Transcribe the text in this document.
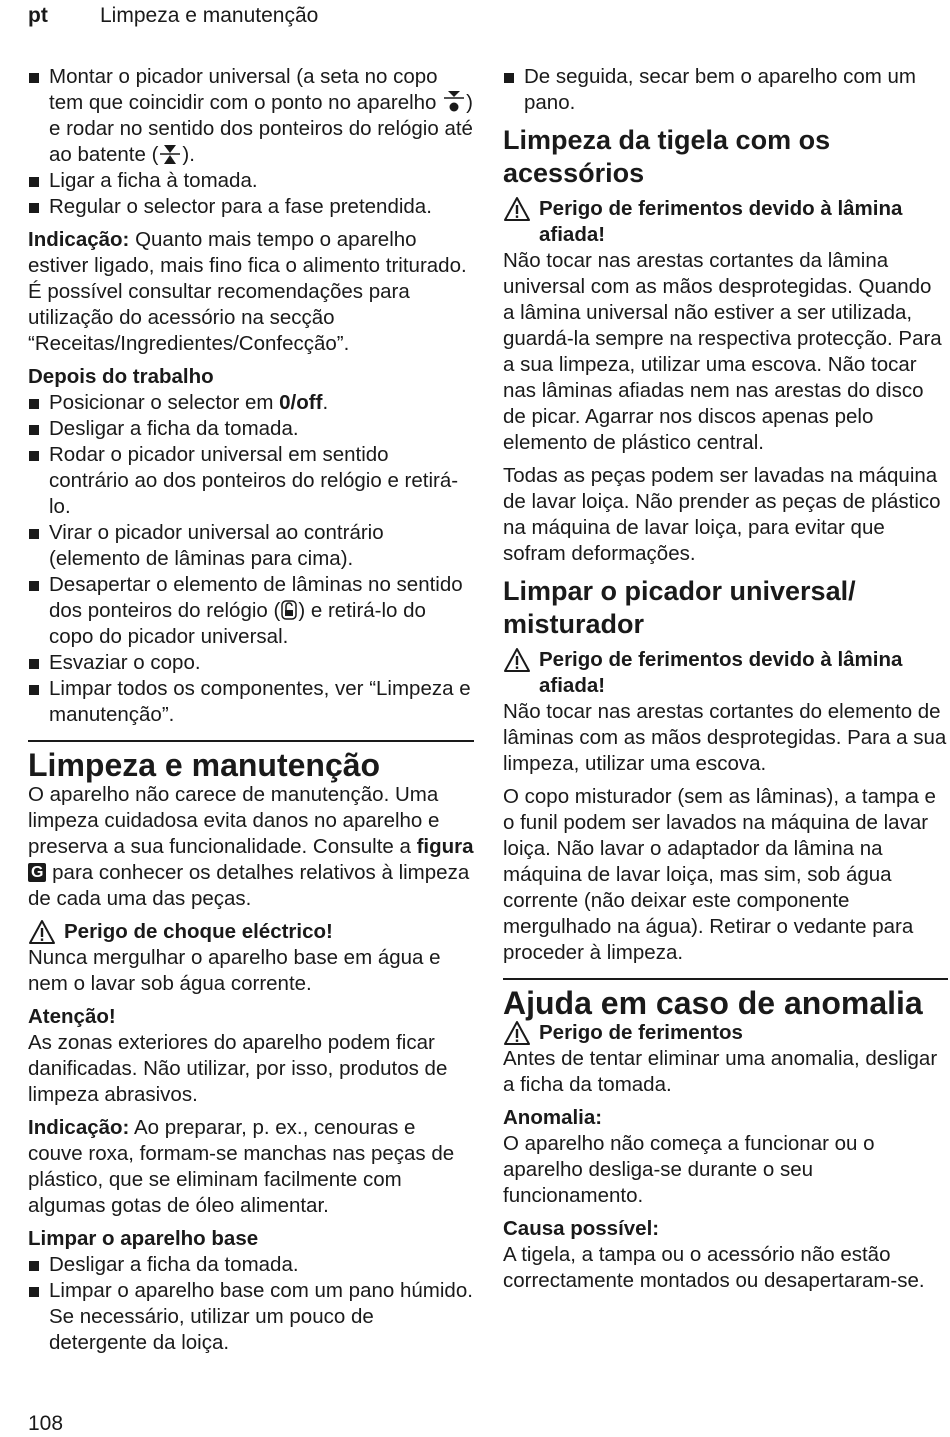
pt Limpeza e manutenção

Montar o picador universal (a seta no copo tem que coincidir com o ponto no aparelho ) e rodar no sentido dos ponteiros do relógio até ao batente ( ).

Ligar a ficha à tomada.

Regular o selector para a fase pretendida.

Indicação: Quanto mais tempo o aparelho estiver ligado, mais fino fica o alimento triturado. É possível consultar recomendações para utilização do acessório na secção “Receitas/Ingredientes/Confecção”.

Depois do trabalho

Posicionar o selector em 0/off.

Desligar a ficha da tomada.

Rodar o picador universal em sentido contrário ao dos ponteiros do relógio e retirá-lo.

Virar o picador universal ao contrário (elemento de lâminas para cima).

Desapertar o elemento de lâminas no sentido dos ponteiros do relógio ( ) e retirá-lo do copo do picador universal.

Esvaziar o copo.

Limpar todos os componentes, ver “Limpeza e manutenção”.

Limpeza e manutenção

O aparelho não carece de manutenção. Uma limpeza cuidadosa evita danos no aparelho e preserva a sua funcionalidade. Consulte a figura G para conhecer os detalhes relativos à limpeza de cada uma das peças.

Perigo de choque eléctrico!

Nunca mergulhar o aparelho base em água e nem o lavar sob água corrente.

Atenção!

As zonas exteriores do aparelho podem ficar danificadas. Não utilizar, por isso, produtos de limpeza abrasivos.

Indicação: Ao preparar, p. ex., cenouras e couve roxa, formam-se manchas nas peças de plástico, que se eliminam facilmente com algumas gotas de óleo alimentar.

Limpar o aparelho base

Desligar a ficha da tomada.

Limpar o aparelho base com um pano húmido. Se necessário, utilizar um pouco de detergente da loiça.

De seguida, secar bem o aparelho com um pano.

Limpeza da tigela com os acessórios

Perigo de ferimentos devido à lâmina afiada!

Não tocar nas arestas cortantes da lâmina universal com as mãos desprotegidas. Quando a lâmina universal não estiver a ser utilizada, guardá-la sempre na respectiva protecção. Para a sua limpeza, utilizar uma escova. Não tocar nas lâminas afiadas nem nas arestas do disco de picar. Agarrar nos discos apenas pelo elemento de plástico central.

Todas as peças podem ser lavadas na máquina de lavar loiça. Não prender as peças de plástico na máquina de lavar loiça, para evitar que sofram deformações.

Limpar o picador universal/ misturador

Perigo de ferimentos devido à lâmina afiada!

Não tocar nas arestas cortantes do elemento de lâminas com as mãos desprotegidas. Para a sua limpeza, utilizar uma escova.

O copo misturador (sem as lâminas), a tampa e o funil podem ser lavados na máquina de lavar loiça. Não lavar o adaptador da lâmina na máquina de lavar loiça, mas sim, sob água corrente (não deixar este componente mergulhado na água). Retirar o vedante para proceder à limpeza.

Ajuda em caso de anomalia

Perigo de ferimentos

Antes de tentar eliminar uma anomalia, desligar a ficha da tomada.

Anomalia:

O aparelho não começa a funcionar ou o aparelho desliga-se durante o seu funcionamento.

Causa possível:

A tigela, a tampa ou o acessório não estão correctamente montados ou desapertaram-se.

108
